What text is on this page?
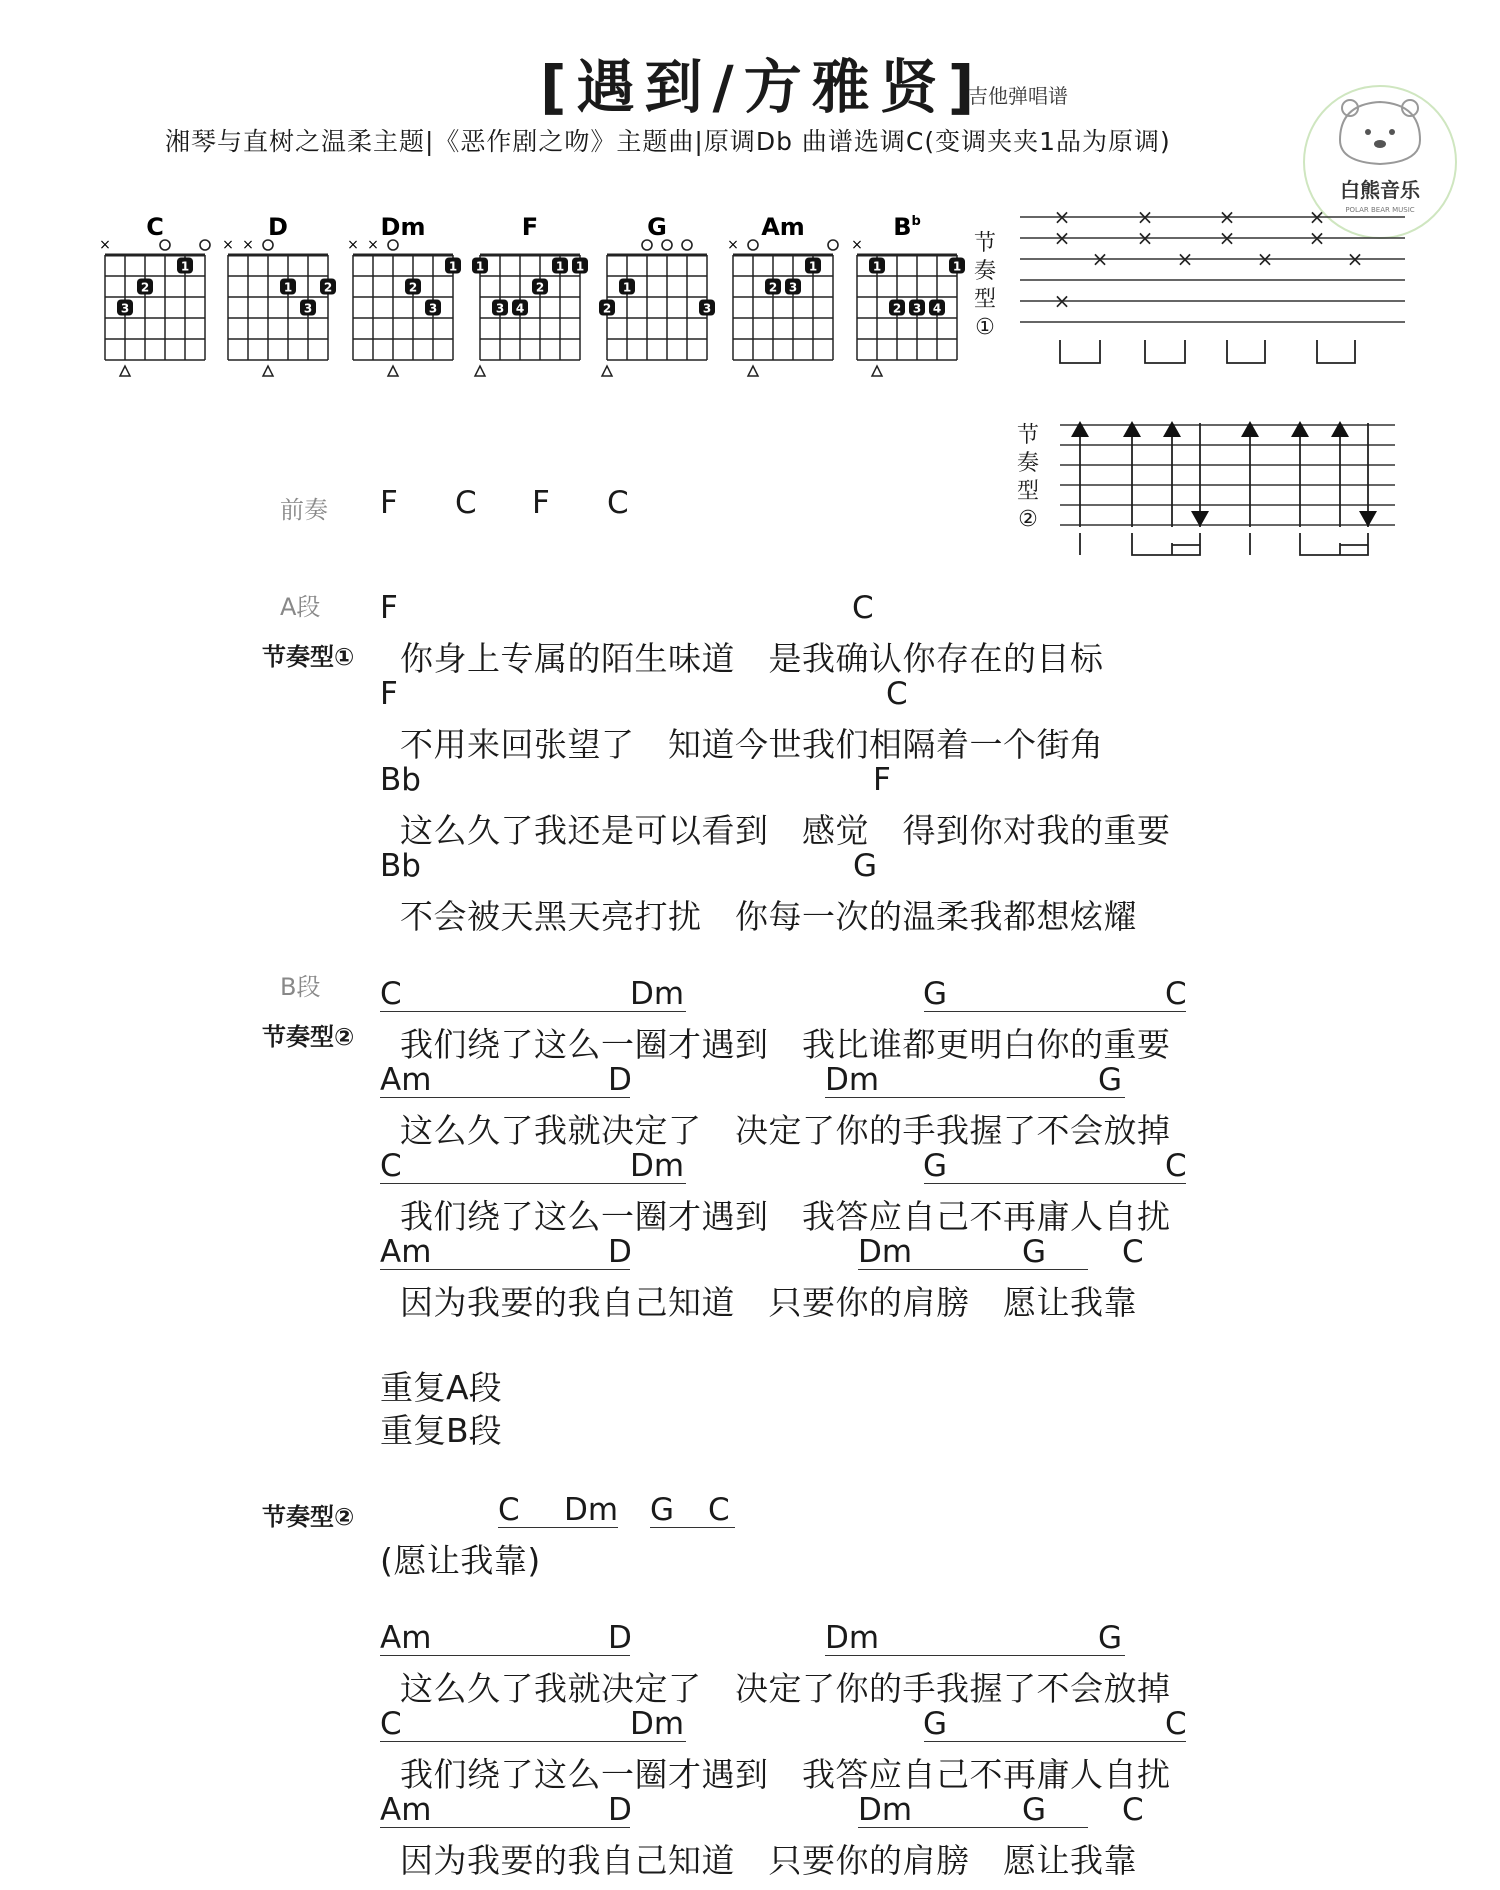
[遇到/方雅贤]
吉他弹唱谱
湘琴与直树之温柔主题|《恶作剧之吻》主题曲|原调Db 曲谱选调C(变调夹夹1品为原调)
白熊音乐
POLAR BEAR MUSIC
C
×
1
2
3
D
× ×
1	2
3
Dm
× ×
1
2
3
F
1	1 1
2
3 4
G
1
2	3
Am
×
1
2 3
$B^b$
×
1	1
2 3 4
节奏型①
×
×
×
×
×
×
×
×
×
×
×
×
×
节奏型②
前奏 F C F C
A段
节奏型①
F	C
你身上专属的陌生味道　是我确认你存在的目标
F	C
不用来回张望了　知道今世我们相隔着一个街角
Bb	F
这么久了我还是可以看到　感觉　得到你对我的重要
Bb	G
不会被天黑天亮打扰　你每一次的温柔我都想炫耀
B段
节奏型②
C	Dm	G	C
我们绕了这么一圈才遇到　我比谁都更明白你的重要
Am	D	Dm	G
这么久了我就决定了　决定了你的手我握了不会放掉
C	Dm	G	C
我们绕了这么一圈才遇到　我答应自己不再庸人自扰
Am	D	Dm	G C
因为我要的我自己知道　只要你的肩膀　愿让我靠
重复A段
重复B段
节奏型②	C Dm G C
(愿让我靠)
Am	D	Dm	G
这么久了我就决定了　决定了你的手我握了不会放掉
C	Dm	G	C
我们绕了这么一圈才遇到　我答应自己不再庸人自扰
Am	D	Dm	G C
因为我要的我自己知道　只要你的肩膀　愿让我靠
